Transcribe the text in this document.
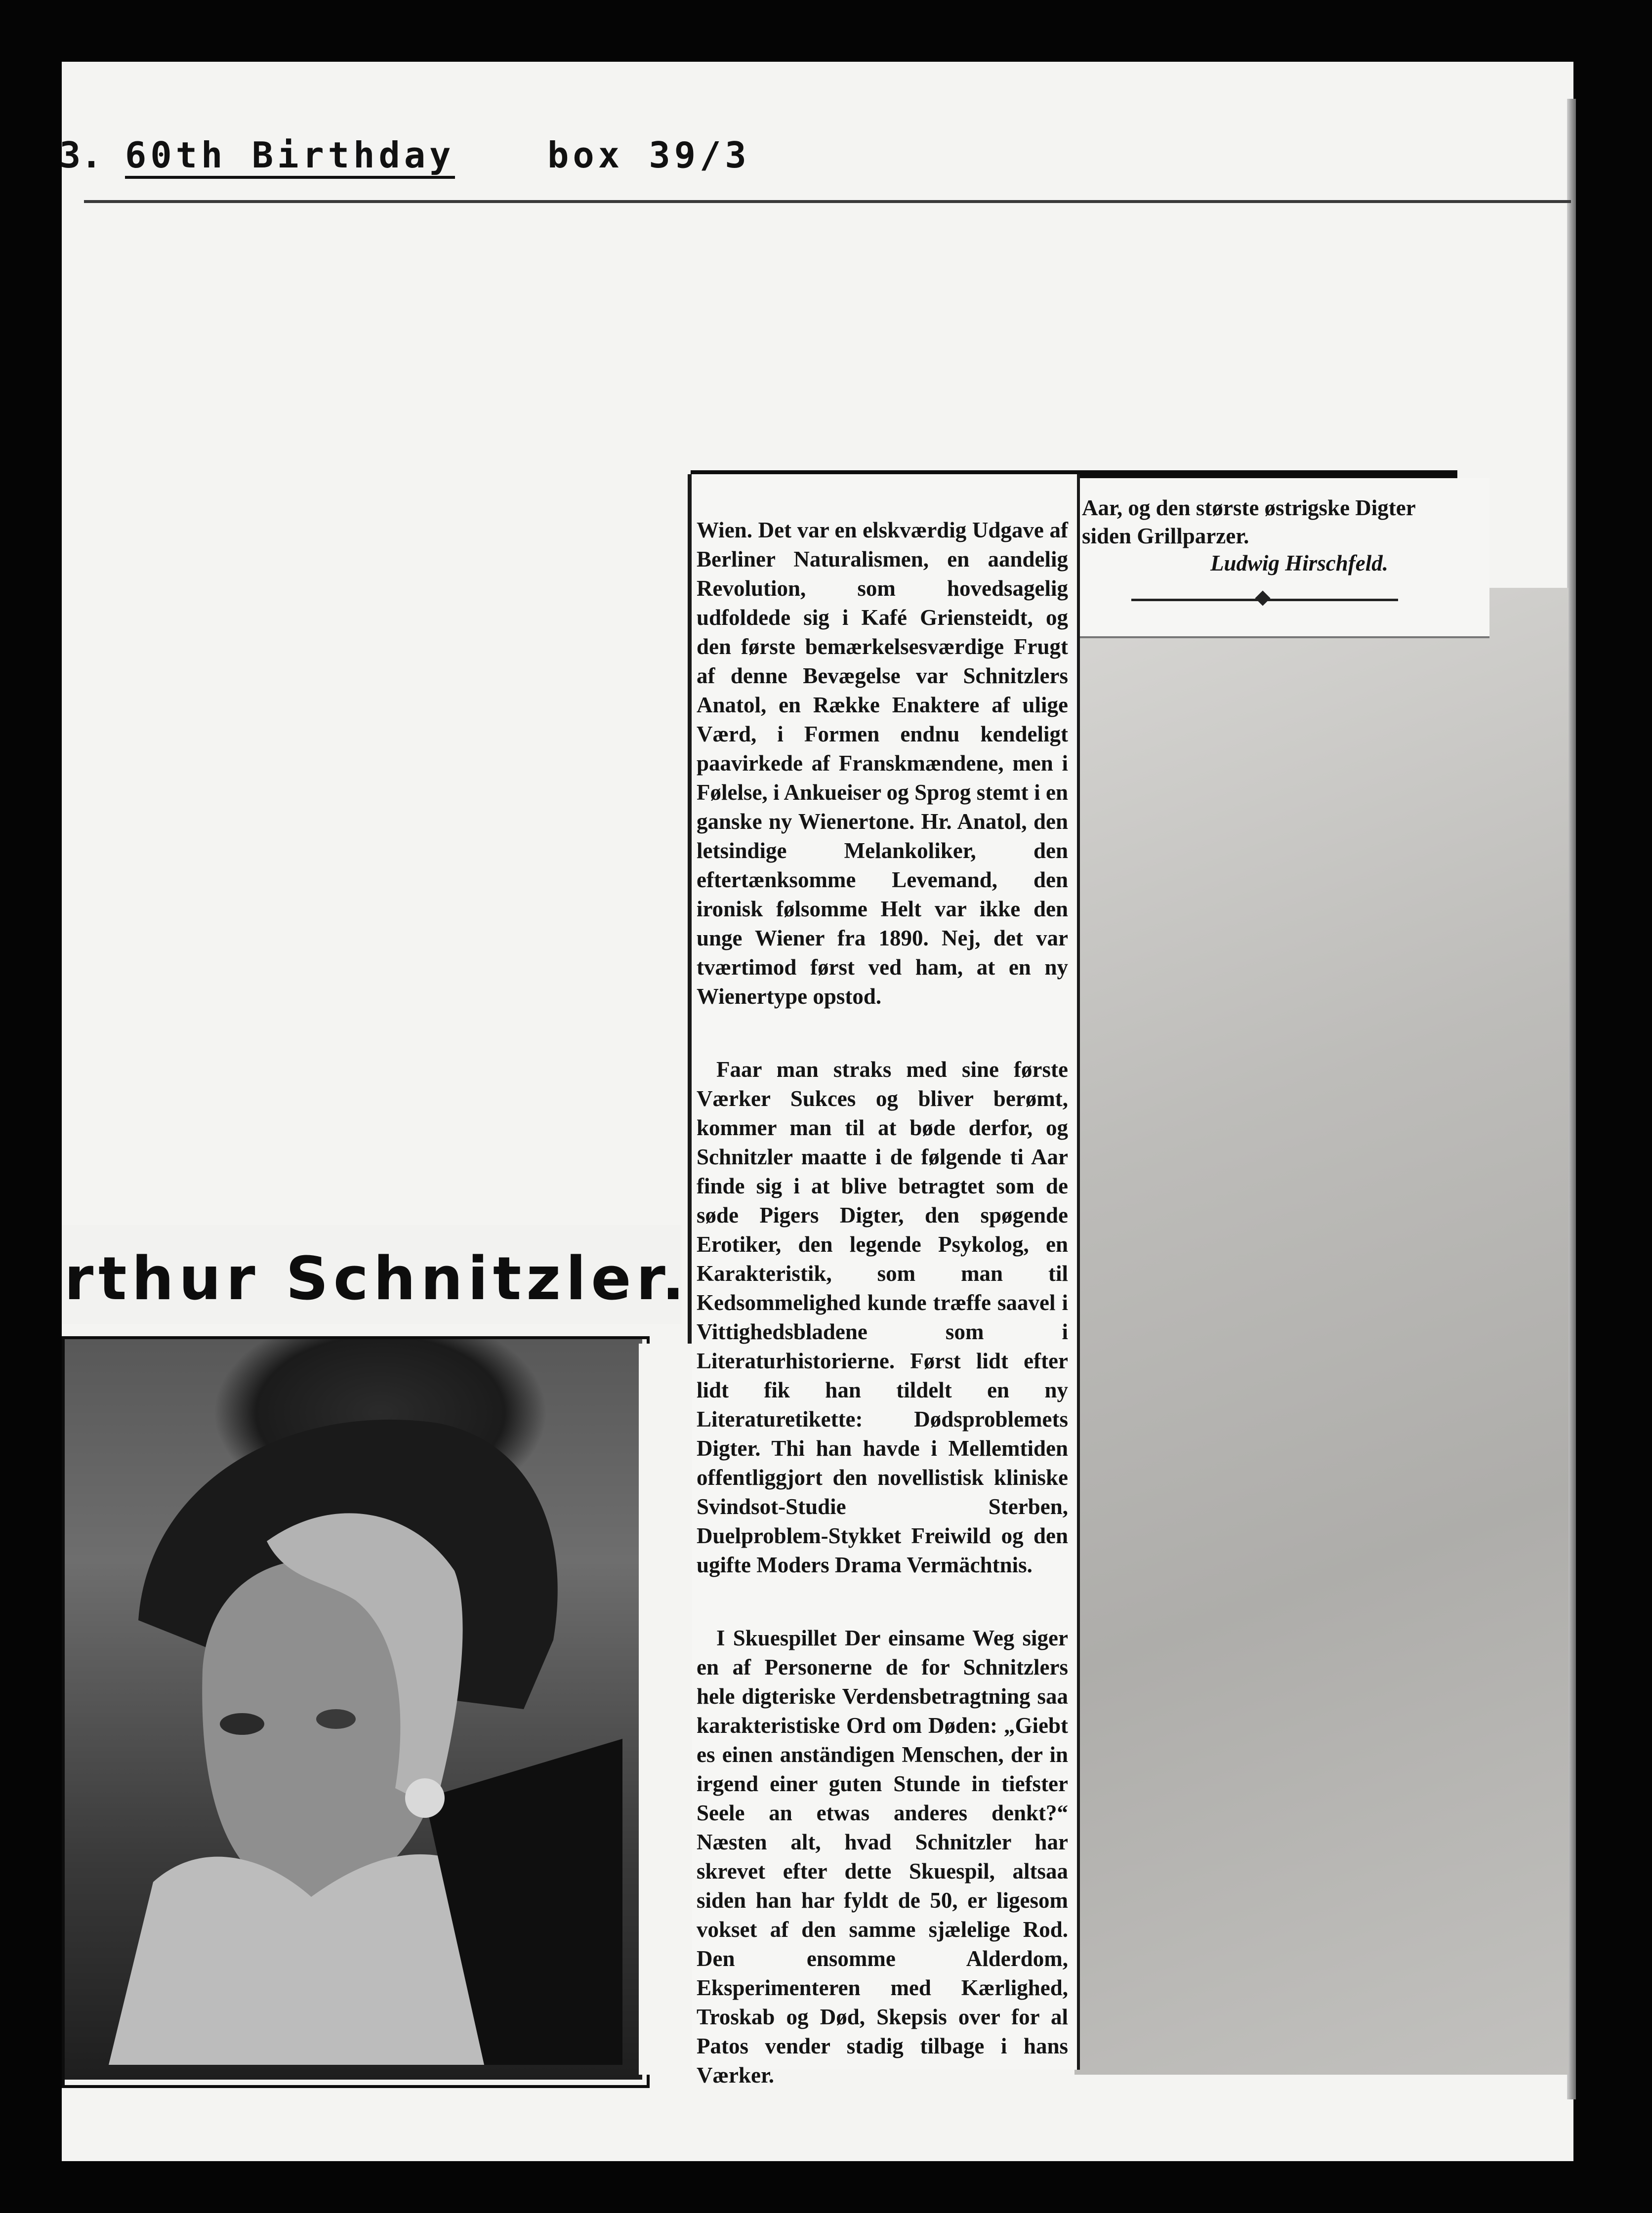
3. 60th Birthday	box 39/3

Wien. Det var en elskværdig Udgave af Berliner Naturalismen, en aandelig Revolution, som hovedsagelig udfoldede sig i Kafé Griensteidt, og den første bemærkelsesværdige Frugt af denne Bevægelse var Schnitzlers Anatol, en Række Enaktere af ulige Værd, i Formen endnu kendeligt paavirkede af Franskmændene, men i Følelse, i Ankueiser og Sprog stemt i en ganske ny Wienertone. Hr. Anatol, den letsindige Melankoliker, den eftertænksomme Levemand, den ironisk følsomme Helt var ikke den unge Wiener fra 1890. Nej, det var tværtimod først ved ham, at en ny Wienertype opstod.

Faar man straks med sine første Værker Sukces og bliver berømt, kommer man til at bøde derfor, og Schnitzler maatte i de følgende ti Aar finde sig i at blive betragtet som de søde Pigers Digter, den spøgende Erotiker, den legende Psykolog, en Karakteristik, som man til Kedsommelighed kunde træffe saavel i Vittighedsbladene som i Literaturhistorierne. Først lidt efter lidt fik han tildelt en ny Literaturetikette: Dødsproblemets Digter. Thi han havde i Mellemtiden offentliggjort den novellistisk kliniske Svindsot-Studie Sterben, Duelproblem-Stykket Freiwild og den ugifte Moders Drama Vermächtnis.

I Skuespillet Der einsame Weg siger en af Personerne de for Schnitzlers hele digteriske Verdensbetragtning saa karakteristiske Ord om Døden: „Giebt es einen anständigen Menschen, der in irgend einer guten Stunde in tiefster Seele an etwas anderes denkt?“ Næsten alt, hvad Schnitzler har skrevet efter dette Skuespil, altsaa siden han har fyldt de 50, er ligesom vokset af den samme sjælelige Rod. Den ensomme Alderdom, Eksperimenteren med Kærlighed, Troskab og Død, Skepsis over for al Patos vender stadig tilbage i hans Værker.

Aar, og den største østrigske Digter siden Grillparzer.
Ludwig Hirschfeld.
rthur Schnitzler.
